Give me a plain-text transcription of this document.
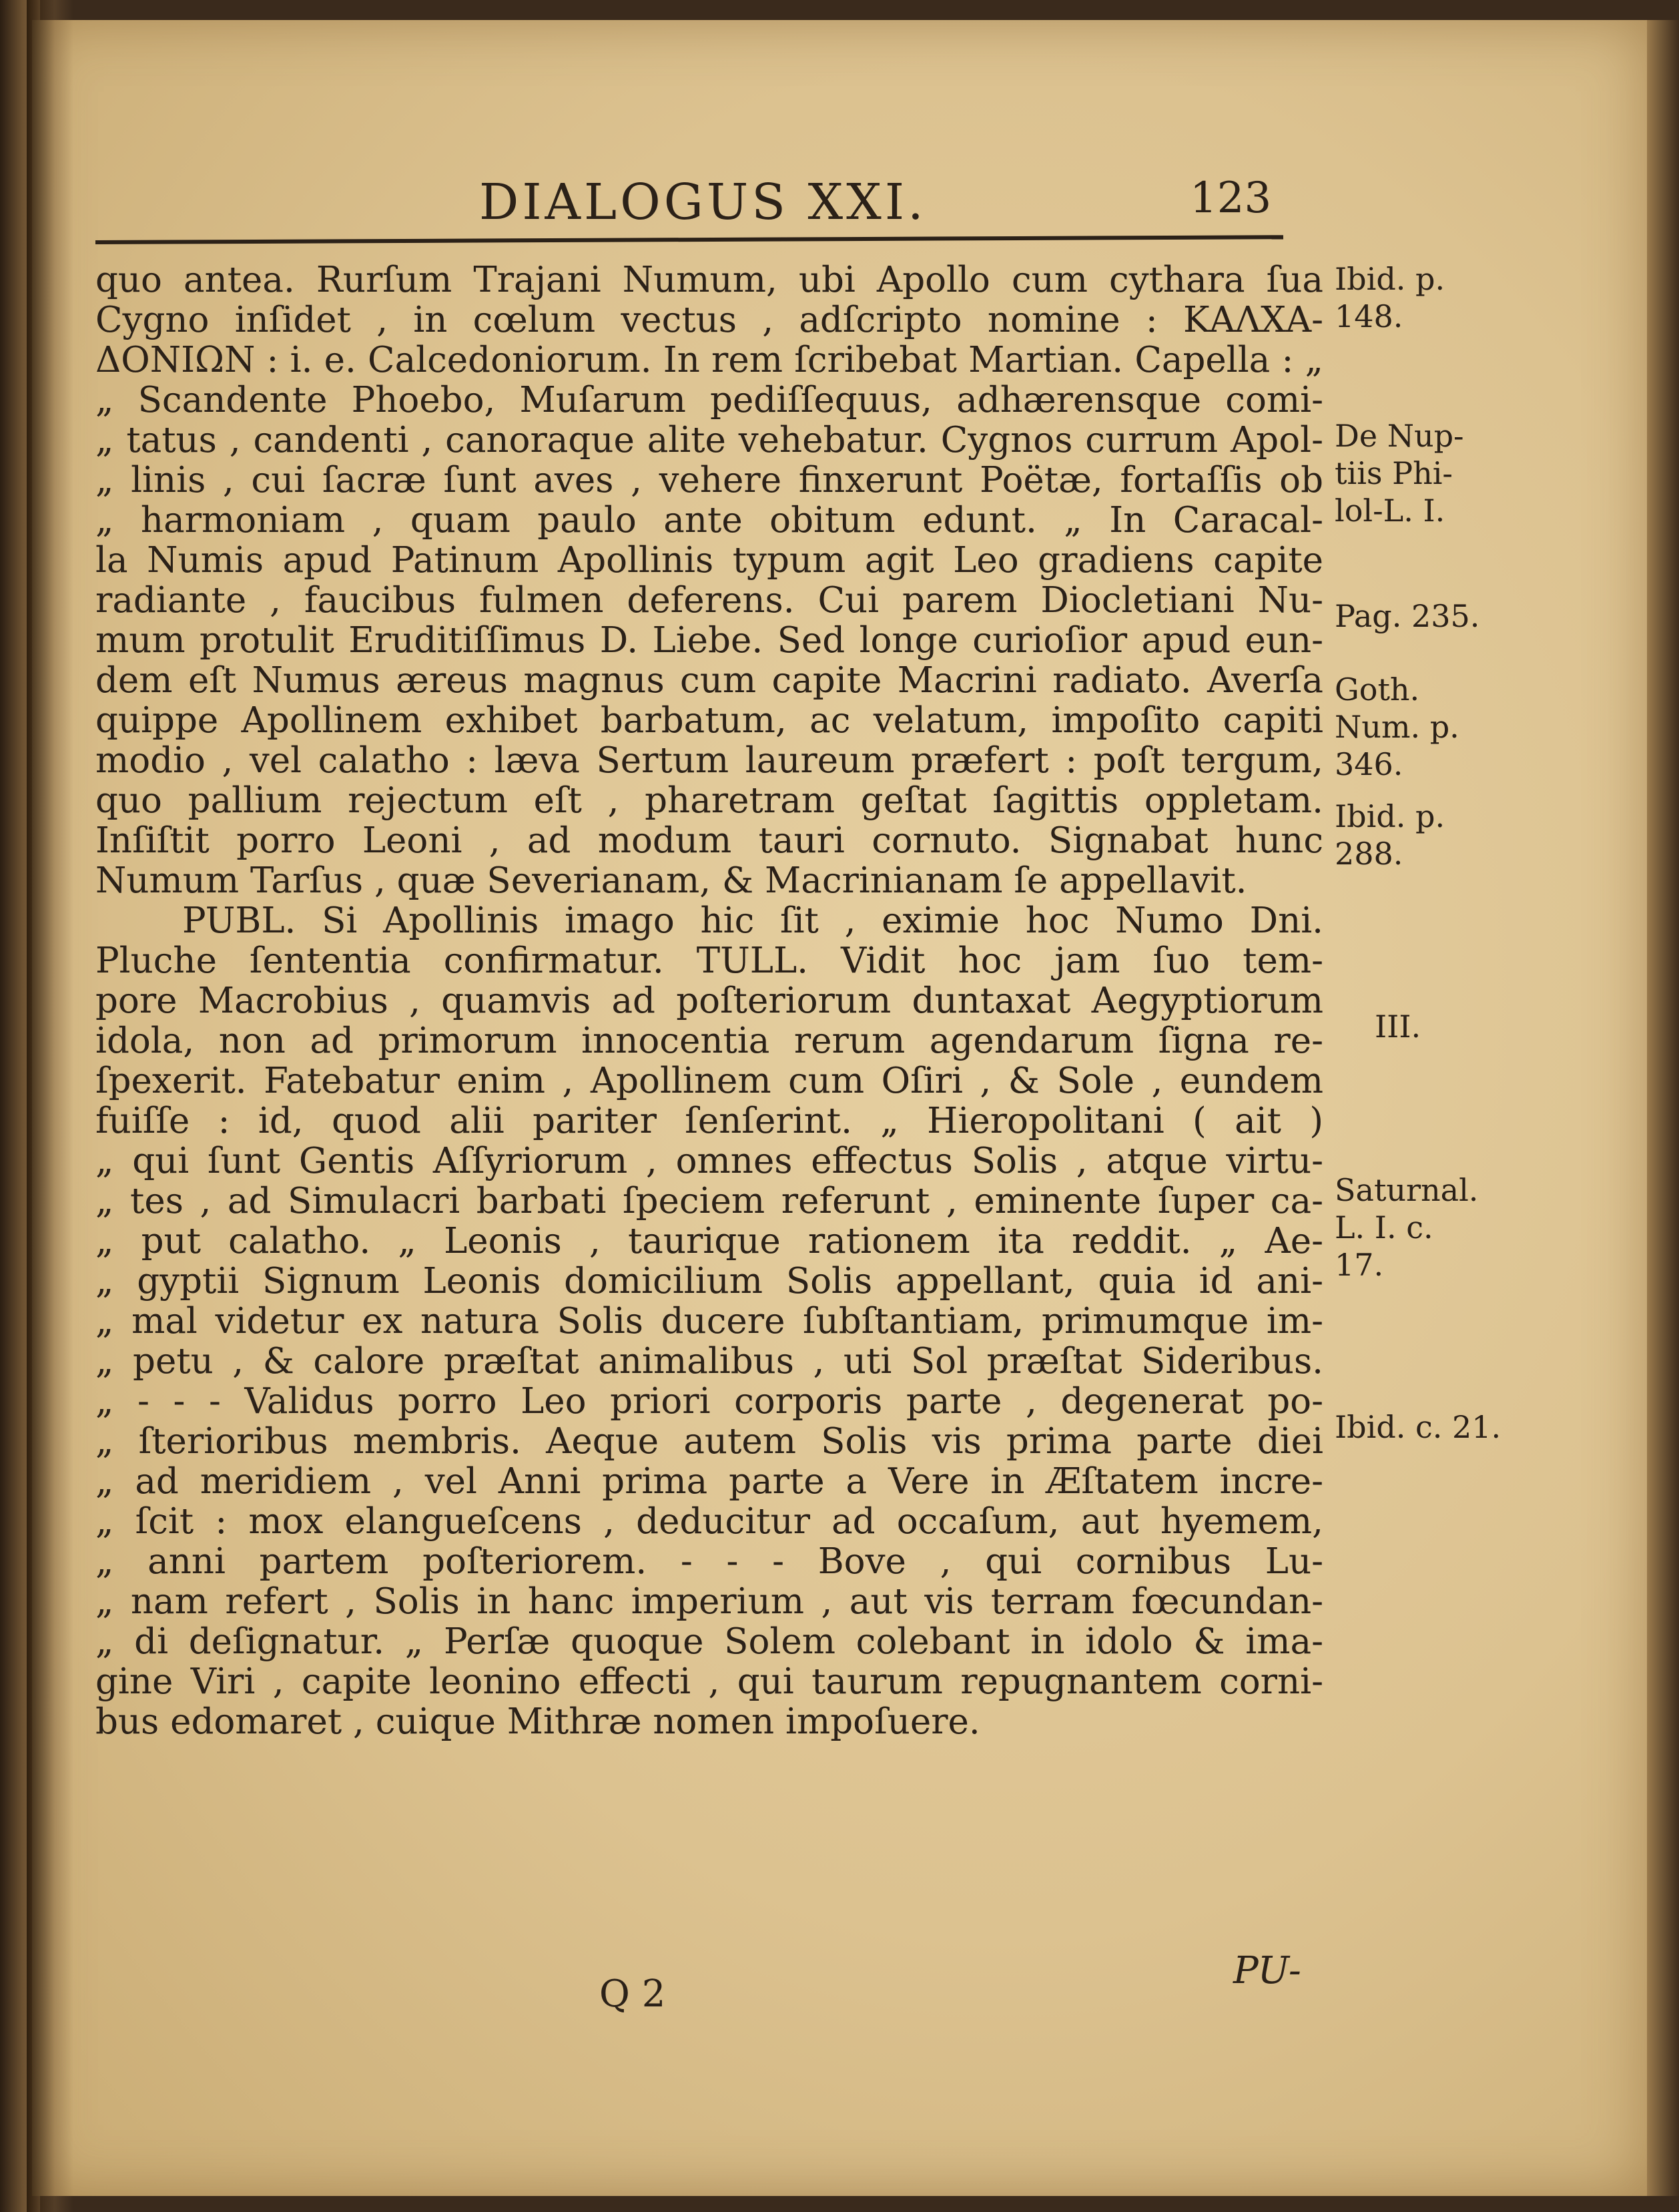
DIALOGUS XXI.	123
quo antea. Rurſum Trajani Numum, ubi Apollo cum cythara ſua
Cygno inſidet , in cœlum vectus , adſcripto nomine : ΚΑΛΧΑ-
ΔΟΝΙΩΝ : i. e. Calcedoniorum. In rem ſcribebat Martian. Capella : „
„ Scandente Phoebo, Muſarum pediſſequus, adhærensque comi-
„ tatus , candenti , canoraque alite vehebatur. Cygnos currum Apol-
„ linis , cui ſacræ ſunt aves , vehere finxerunt Poëtæ, fortaſſis ob
„ harmoniam , quam paulo ante obitum edunt. „ In Caracal-
la Numis apud Patinum Apollinis typum agit Leo gradiens capite
radiante , faucibus fulmen deferens. Cui parem Diocletiani Nu-
mum protulit Eruditiſſimus D. Liebe. Sed longe curioſior apud eun-
dem eſt Numus æreus magnus cum capite Macrini radiato. Averſa
quippe Apollinem exhibet barbatum, ac velatum, impoſito capiti
modio , vel calatho : læva Sertum laureum præfert : poſt tergum,
quo pallium rejectum eſt , pharetram geſtat ſagittis oppletam.
Inſiſtit porro Leoni , ad modum tauri cornuto. Signabat hunc
Numum Tarſus , quæ Severianam, & Macrinianam ſe appellavit.
PUBL. Si Apollinis imago hic ſit , eximie hoc Numo Dni.
Pluche ſententia confirmatur. TULL. Vidit hoc jam ſuo tem-
pore Macrobius , quamvis ad poſteriorum duntaxat Aegyptiorum
idola, non ad primorum innocentia rerum agendarum ſigna re-
ſpexerit. Fatebatur enim , Apollinem cum Oſiri , & Sole , eundem
fuiſſe : id, quod alii pariter ſenſerint. „ Hieropolitani ( ait )
„ qui ſunt Gentis Aſſyriorum , omnes effectus Solis , atque virtu-
„ tes , ad Simulacri barbati ſpeciem referunt , eminente ſuper ca-
„ put calatho. „ Leonis , taurique rationem ita reddit. „ Ae-
„ gyptii Signum Leonis domicilium Solis appellant, quia id ani-
„ mal videtur ex natura Solis ducere ſubſtantiam, primumque im-
„ petu , & calore præſtat animalibus , uti Sol præſtat Sideribus.
„ - - - Validus porro Leo priori corporis parte , degenerat po-
„ ſterioribus membris. Aeque autem Solis vis prima parte diei
„ ad meridiem , vel Anni prima parte a Vere in Æſtatem incre-
„ ſcit : mox elangueſcens , deducitur ad occaſum, aut hyemem,
„ anni partem poſteriorem. - - - Bove , qui cornibus Lu-
„ nam refert , Solis in hanc imperium , aut vis terram fœcundan-
„ di deſignatur. „ Perſæ quoque Solem colebant in idolo & ima-
gine Viri , capite leonino effecti , qui taurum repugnantem corni-
bus edomaret , cuique Mithræ nomen impoſuere.
Ibid. p.
148.
De Nup-
tiis Phi-
lol-L. I.
Pag. 235.
Goth.
Num. p.
346.
Ibid. p.
288.
III.
Saturnal.
L. I. c.
17.
Ibid. c. 21.
Q 2
PU-
